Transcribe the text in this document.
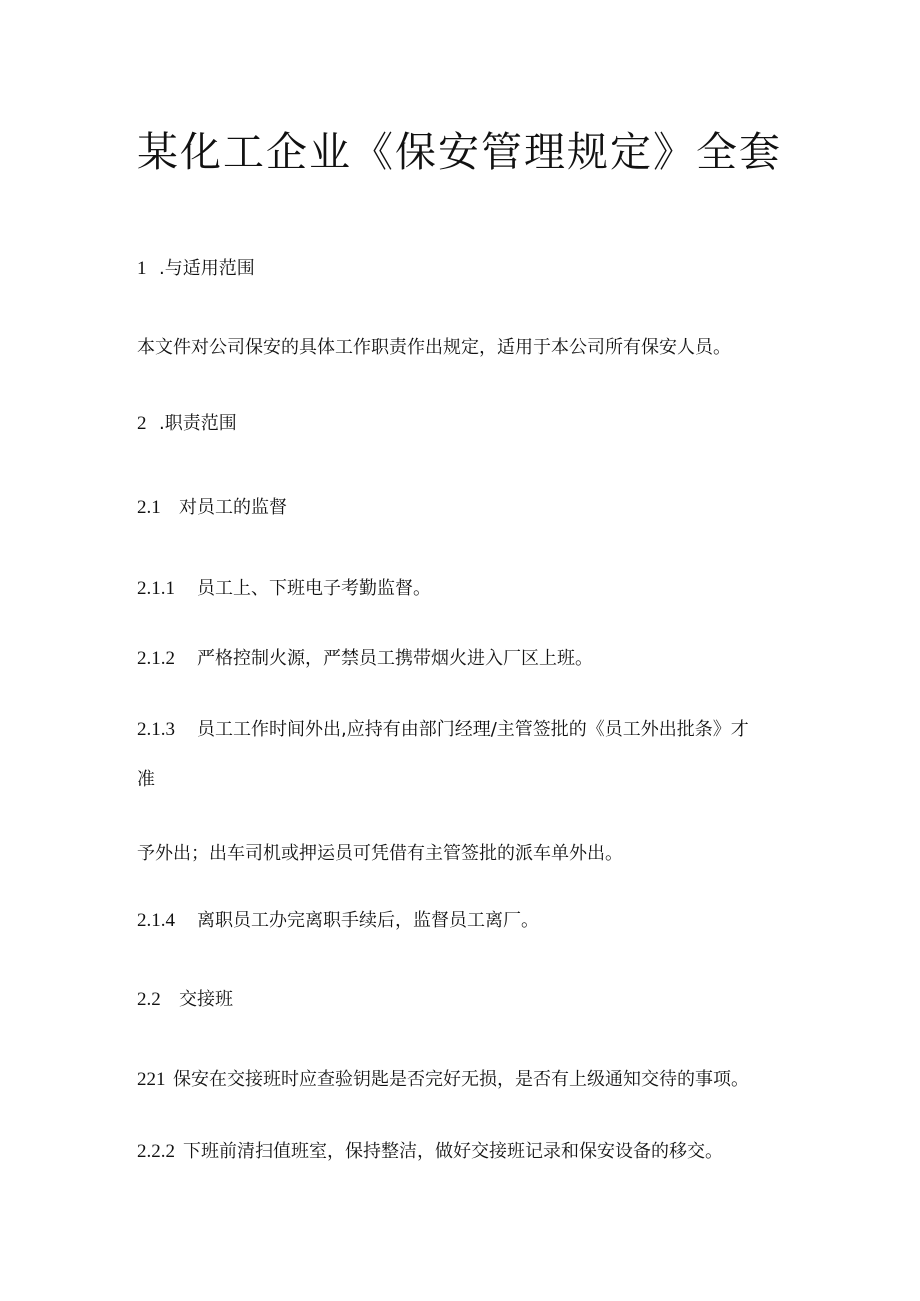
某化工企业《保安管理规定》全套
1 .与适用范围
本文件对公司保安的具体工作职责作出规定，适用于本公司所有保安人员。
2 .职责范围
2.1 对员工的监督
2.1.1 员工上、下班电子考勤监督。
2.1.2 严格控制火源，严禁员工携带烟火进入厂区上班。
2.1.3 员工工作时间外出,应持有由部门经理/主管签批的《员工外出批条》才
准
予外出；出车司机或押运员可凭借有主管签批的派车单外出。
2.1.4 离职员工办完离职手续后，监督员工离厂。
2.2 交接班
221 保安在交接班时应查验钥匙是否完好无损，是否有上级通知交待的事项。
2.2.2 下班前清扫值班室，保持整洁，做好交接班记录和保安设备的移交。
